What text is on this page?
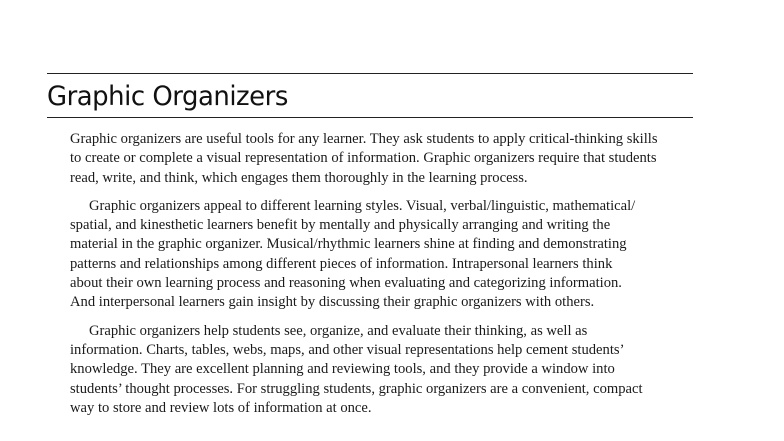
Graphic Organizers

Graphic organizers are useful tools for any learner. They ask students to apply critical-thinking skills
to create or complete a visual representation of information. Graphic organizers require that students
read, write, and think, which engages them thoroughly in the learning process.

Graphic organizers appeal to different learning styles. Visual, verbal/linguistic, mathematical/
spatial, and kinesthetic learners benefit by mentally and physically arranging and writing the
material in the graphic organizer. Musical/rhythmic learners shine at finding and demonstrating
patterns and relationships among different pieces of information. Intrapersonal learners think
about their own learning process and reasoning when evaluating and categorizing information.
And interpersonal learners gain insight by discussing their graphic organizers with others.

Graphic organizers help students see, organize, and evaluate their thinking, as well as
information. Charts, tables, webs, maps, and other visual representations help cement students’
knowledge. They are excellent planning and reviewing tools, and they provide a window into
students’ thought processes. For struggling students, graphic organizers are a convenient, compact
way to store and review lots of information at once.
